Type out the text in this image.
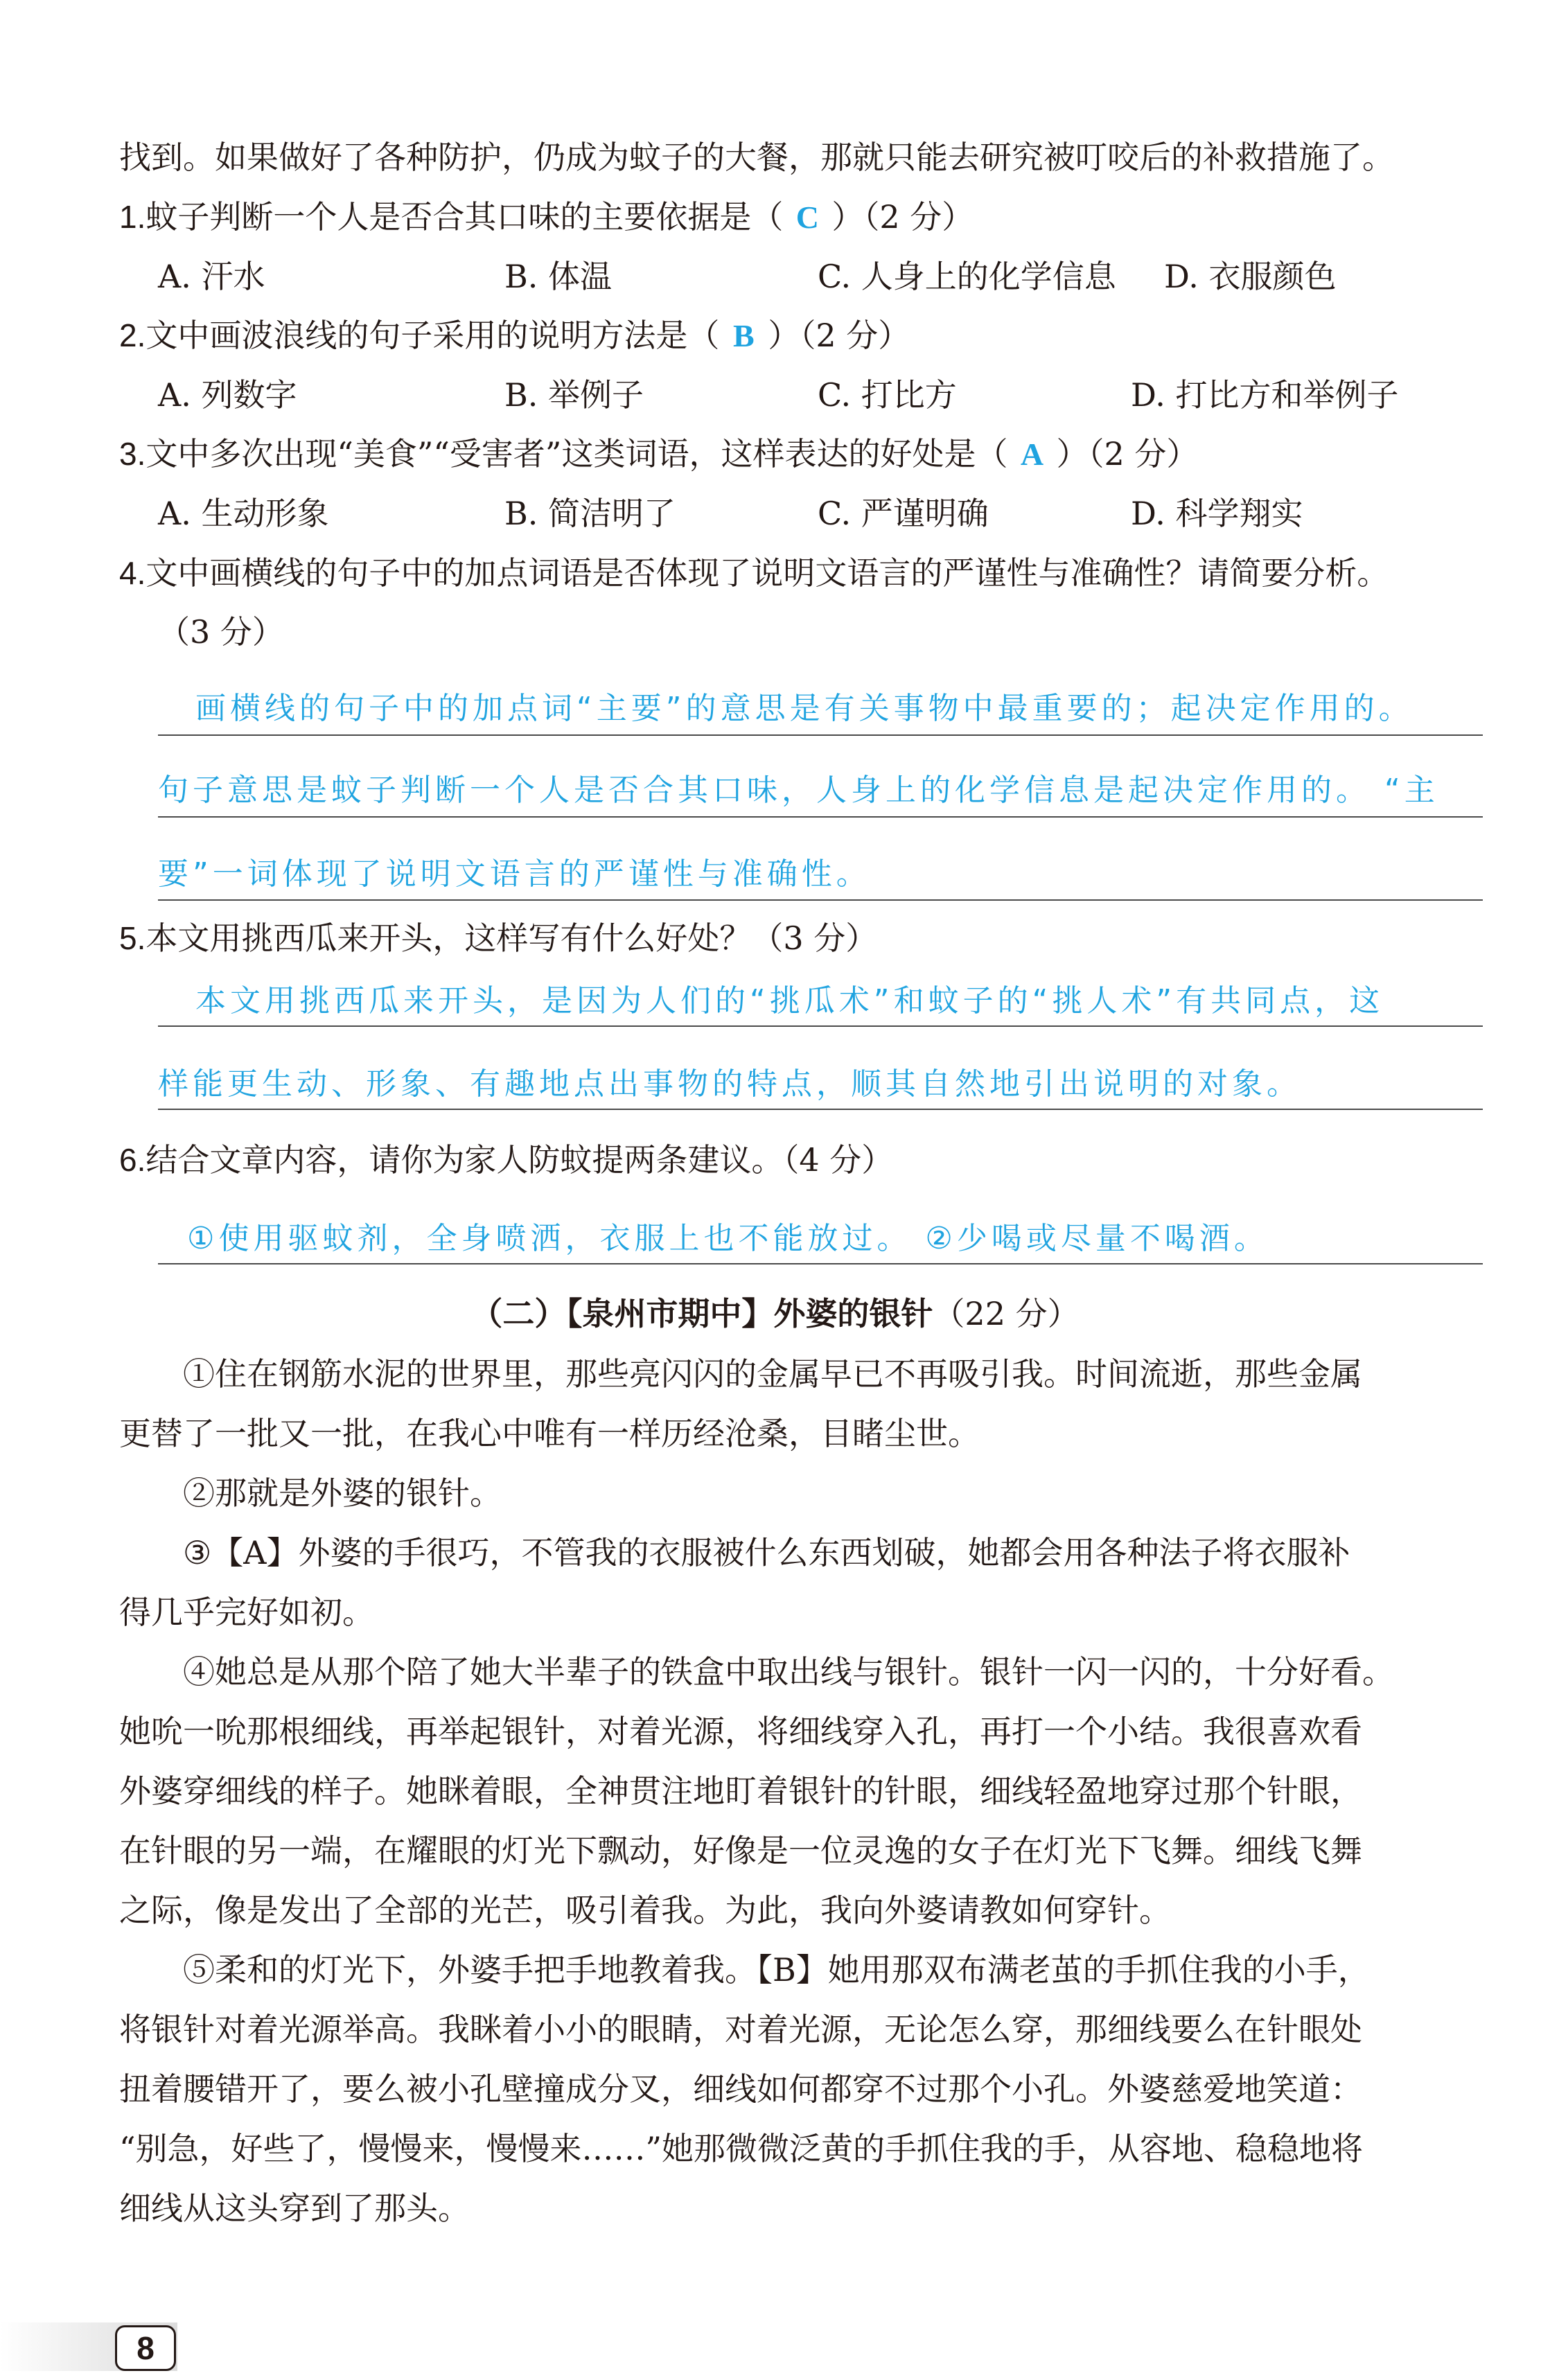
找到。如果做好了各种防护，仍成为蚊子的大餐，那就只能去研究被叮咬后的补救措施了。
1.蚊子判断一个人是否合其口味的主要依据是（ C ）（2 分）
A. 汗水	B. 体温	C. 人身上的化学信息 D. 衣服颜色
2.文中画波浪线的句子采用的说明方法是（ B ）（2 分）
A. 列数字	B. 举例子	C. 打比方	D. 打比方和举例子
3.文中多次出现“美食”“受害者”这类词语，这样表达的好处是（ A ）（2 分）
A. 生动形象	B. 简洁明了	C. 严谨明确	D. 科学翔实
4.文中画横线的句子中的加点词语是否体现了说明文语言的严谨性与准确性？请简要分析。
（3 分）
画横线的句子中的加点词“主要”的意思是有关事物中最重要的；起决定作用的。
句子意思是蚊子判断一个人是否合其口味，人身上的化学信息是起决定作用的。 “主
要”一词体现了说明文语言的严谨性与准确性。
5.本文用挑西瓜来开头，这样写有什么好处？（3 分）
本文用挑西瓜来开头，是因为人们的“挑瓜术”和蚊子的“挑人术”有共同点，这
样能更生动、形象、有趣地点出事物的特点，顺其自然地引出说明的对象。
6.结合文章内容，请你为家人防蚊提两条建议。（4 分）
①使用驱蚊剂，全身喷洒，衣服上也不能放过。 ②少喝或尽量不喝酒。
（二）【泉州市期中】外婆的银针（22 分）
①住在钢筋水泥的世界里，那些亮闪闪的金属早已不再吸引我。时间流逝，那些金属
更替了一批又一批，在我心中唯有一样历经沧桑，目睹尘世。
②那就是外婆的银针。
③【A】外婆的手很巧，不管我的衣服被什么东西划破，她都会用各种法子将衣服补
得几乎完好如初。
④她总是从那个陪了她大半辈子的铁盒中取出线与银针。银针一闪一闪的，十分好看。
她吮一吮那根细线，再举起银针，对着光源，将细线穿入孔，再打一个小结。我很喜欢看
外婆穿细线的样子。她眯着眼，全神贯注地盯着银针的针眼，细线轻盈地穿过那个针眼，
在针眼的另一端，在耀眼的灯光下飘动，好像是一位灵逸的女子在灯光下飞舞。细线飞舞
之际，像是发出了全部的光芒，吸引着我。为此，我向外婆请教如何穿针。
⑤柔和的灯光下，外婆手把手地教着我。【B】她用那双布满老茧的手抓住我的小手，
将银针对着光源举高。我眯着小小的眼睛，对着光源，无论怎么穿，那细线要么在针眼处
扭着腰错开了，要么被小孔壁撞成分叉，细线如何都穿不过那个小孔。外婆慈爱地笑道：
“别急，好些了，慢慢来，慢慢来……”她那微微泛黄的手抓住我的手，从容地、稳稳地将
细线从这头穿到了那头。
8
